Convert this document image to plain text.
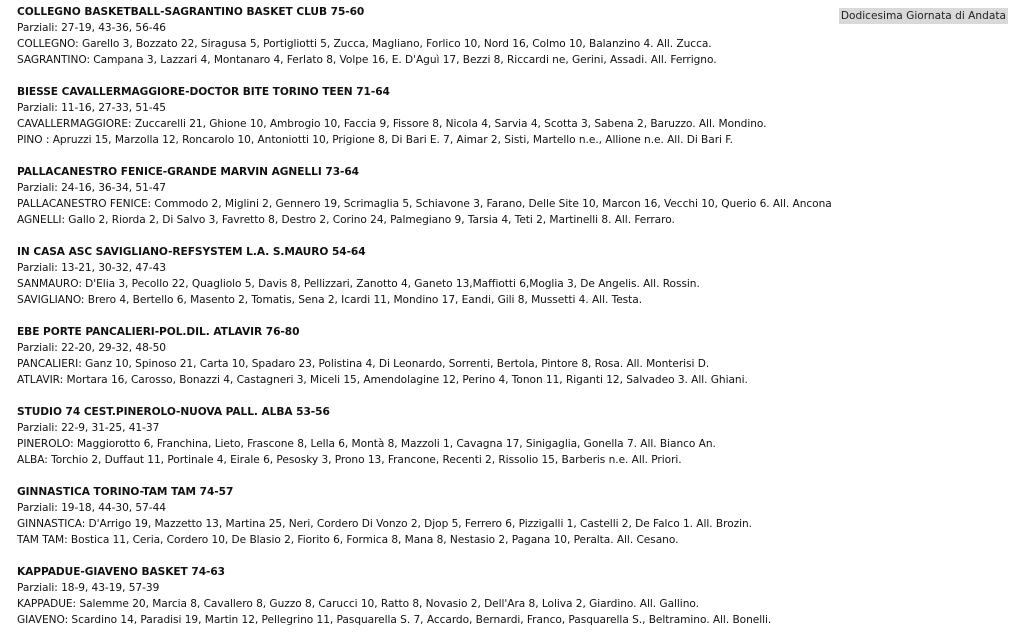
Dodicesima Giornata di Andata
COLLEGNO BASKETBALL-SAGRANTINO BASKET CLUB 75-60
Parziali: 27-19, 43-36, 56-46
COLLEGNO: Garello 3, Bozzato 22, Siragusa 5, Portigliotti 5, Zucca, Magliano, Forlico 10, Nord 16, Colmo 10, Balanzino 4. All. Zucca.
SAGRANTINO: Campana 3, Lazzari 4, Montanaro 4, Ferlato 8, Volpe 16, E. D'Aguì 17, Bezzi 8, Riccardi ne, Gerini, Assadi. All. Ferrigno.
BIESSE CAVALLERMAGGIORE-DOCTOR BITE TORINO TEEN 71-64
Parziali: 11-16, 27-33, 51-45
CAVALLERMAGGIORE: Zuccarelli 21, Ghione 10, Ambrogio 10, Faccia 9, Fissore 8, Nicola 4, Sarvia 4, Scotta 3, Sabena 2, Baruzzo. All. Mondino.
PINO : Apruzzi 15, Marzolla 12, Roncarolo 10, Antoniotti 10, Prigione 8, Di Bari E. 7, Aimar 2, Sisti, Martello n.e., Allione n.e. All. Di Bari F.
PALLACANESTRO FENICE-GRANDE MARVIN AGNELLI 73-64
Parziali: 24-16, 36-34, 51-47
PALLACANESTRO FENICE: Commodo 2, Miglini 2, Gennero 19, Scrimaglia 5, Schiavone 3, Farano, Delle Site 10, Marcon 16, Vecchi 10, Querio 6. All. Ancona
AGNELLI: Gallo 2, Riorda 2, Di Salvo 3, Favretto 8, Destro 2, Corino 24, Palmegiano 9, Tarsia 4, Teti 2, Martinelli 8. All. Ferraro.
IN CASA ASC SAVIGLIANO-REFSYSTEM L.A. S.MAURO 54-64
Parziali: 13-21, 30-32, 47-43
SANMAURO: D'Elia 3, Pecollo 22, Quagliolo 5, Davis 8, Pellizzari, Zanotto 4, Ganeto 13,Maffiotti 6,Moglia 3, De Angelis. All. Rossin.
SAVIGLIANO: Brero 4, Bertello 6, Masento 2, Tomatis, Sena 2, Icardi 11, Mondino 17, Eandi, Gili 8, Mussetti 4. All. Testa.
EBE PORTE PANCALIERI-POL.DIL. ATLAVIR 76-80
Parziali: 22-20, 29-32, 48-50
PANCALIERI: Ganz 10, Spinoso 21, Carta 10, Spadaro 23, Polistina 4, Di Leonardo, Sorrenti, Bertola, Pintore 8, Rosa. All. Monterisi D.
ATLAVIR: Mortara 16, Carosso, Bonazzi 4, Castagneri 3, Miceli 15, Amendolagine 12, Perino 4, Tonon 11, Riganti 12, Salvadeo 3. All. Ghiani.
STUDIO 74 CEST.PINEROLO-NUOVA PALL. ALBA 53-56
Parziali: 22-9, 31-25, 41-37
PINEROLO: Maggiorotto 6, Franchina, Lieto, Frascone 8, Lella 6, Montà 8, Mazzoli 1, Cavagna 17, Sinigaglia, Gonella 7. All. Bianco An.
ALBA: Torchio 2, Duffaut 11, Portinale 4, Eirale 6, Pesosky 3, Prono 13, Francone, Recenti 2, Rissolio 15, Barberis n.e. All. Priori.
GINNASTICA TORINO-TAM TAM 74-57
Parziali: 19-18, 44-30, 57-44
GINNASTICA: D'Arrigo 19, Mazzetto 13, Martina 25, Neri, Cordero Di Vonzo 2, Djop 5, Ferrero 6, Pizzigalli 1, Castelli 2, De Falco 1. All. Brozin.
TAM TAM: Bostica 11, Ceria, Cordero 10, De Blasio 2, Fiorito 6, Formica 8, Mana 8, Nestasio 2, Pagana 10, Peralta. All. Cesano.
KAPPADUE-GIAVENO BASKET 74-63
Parziali: 18-9, 43-19, 57-39
KAPPADUE: Salemme 20, Marcia 8, Cavallero 8, Guzzo 8, Carucci 10, Ratto 8, Novasio 2, Dell'Ara 8, Loliva 2, Giardino. All. Gallino.
GIAVENO: Scardino 14, Paradisi 19, Martin 12, Pellegrino 11, Pasquarella S. 7, Accardo, Bernardi, Franco, Pasquarella S., Beltramino. All. Bonelli.
